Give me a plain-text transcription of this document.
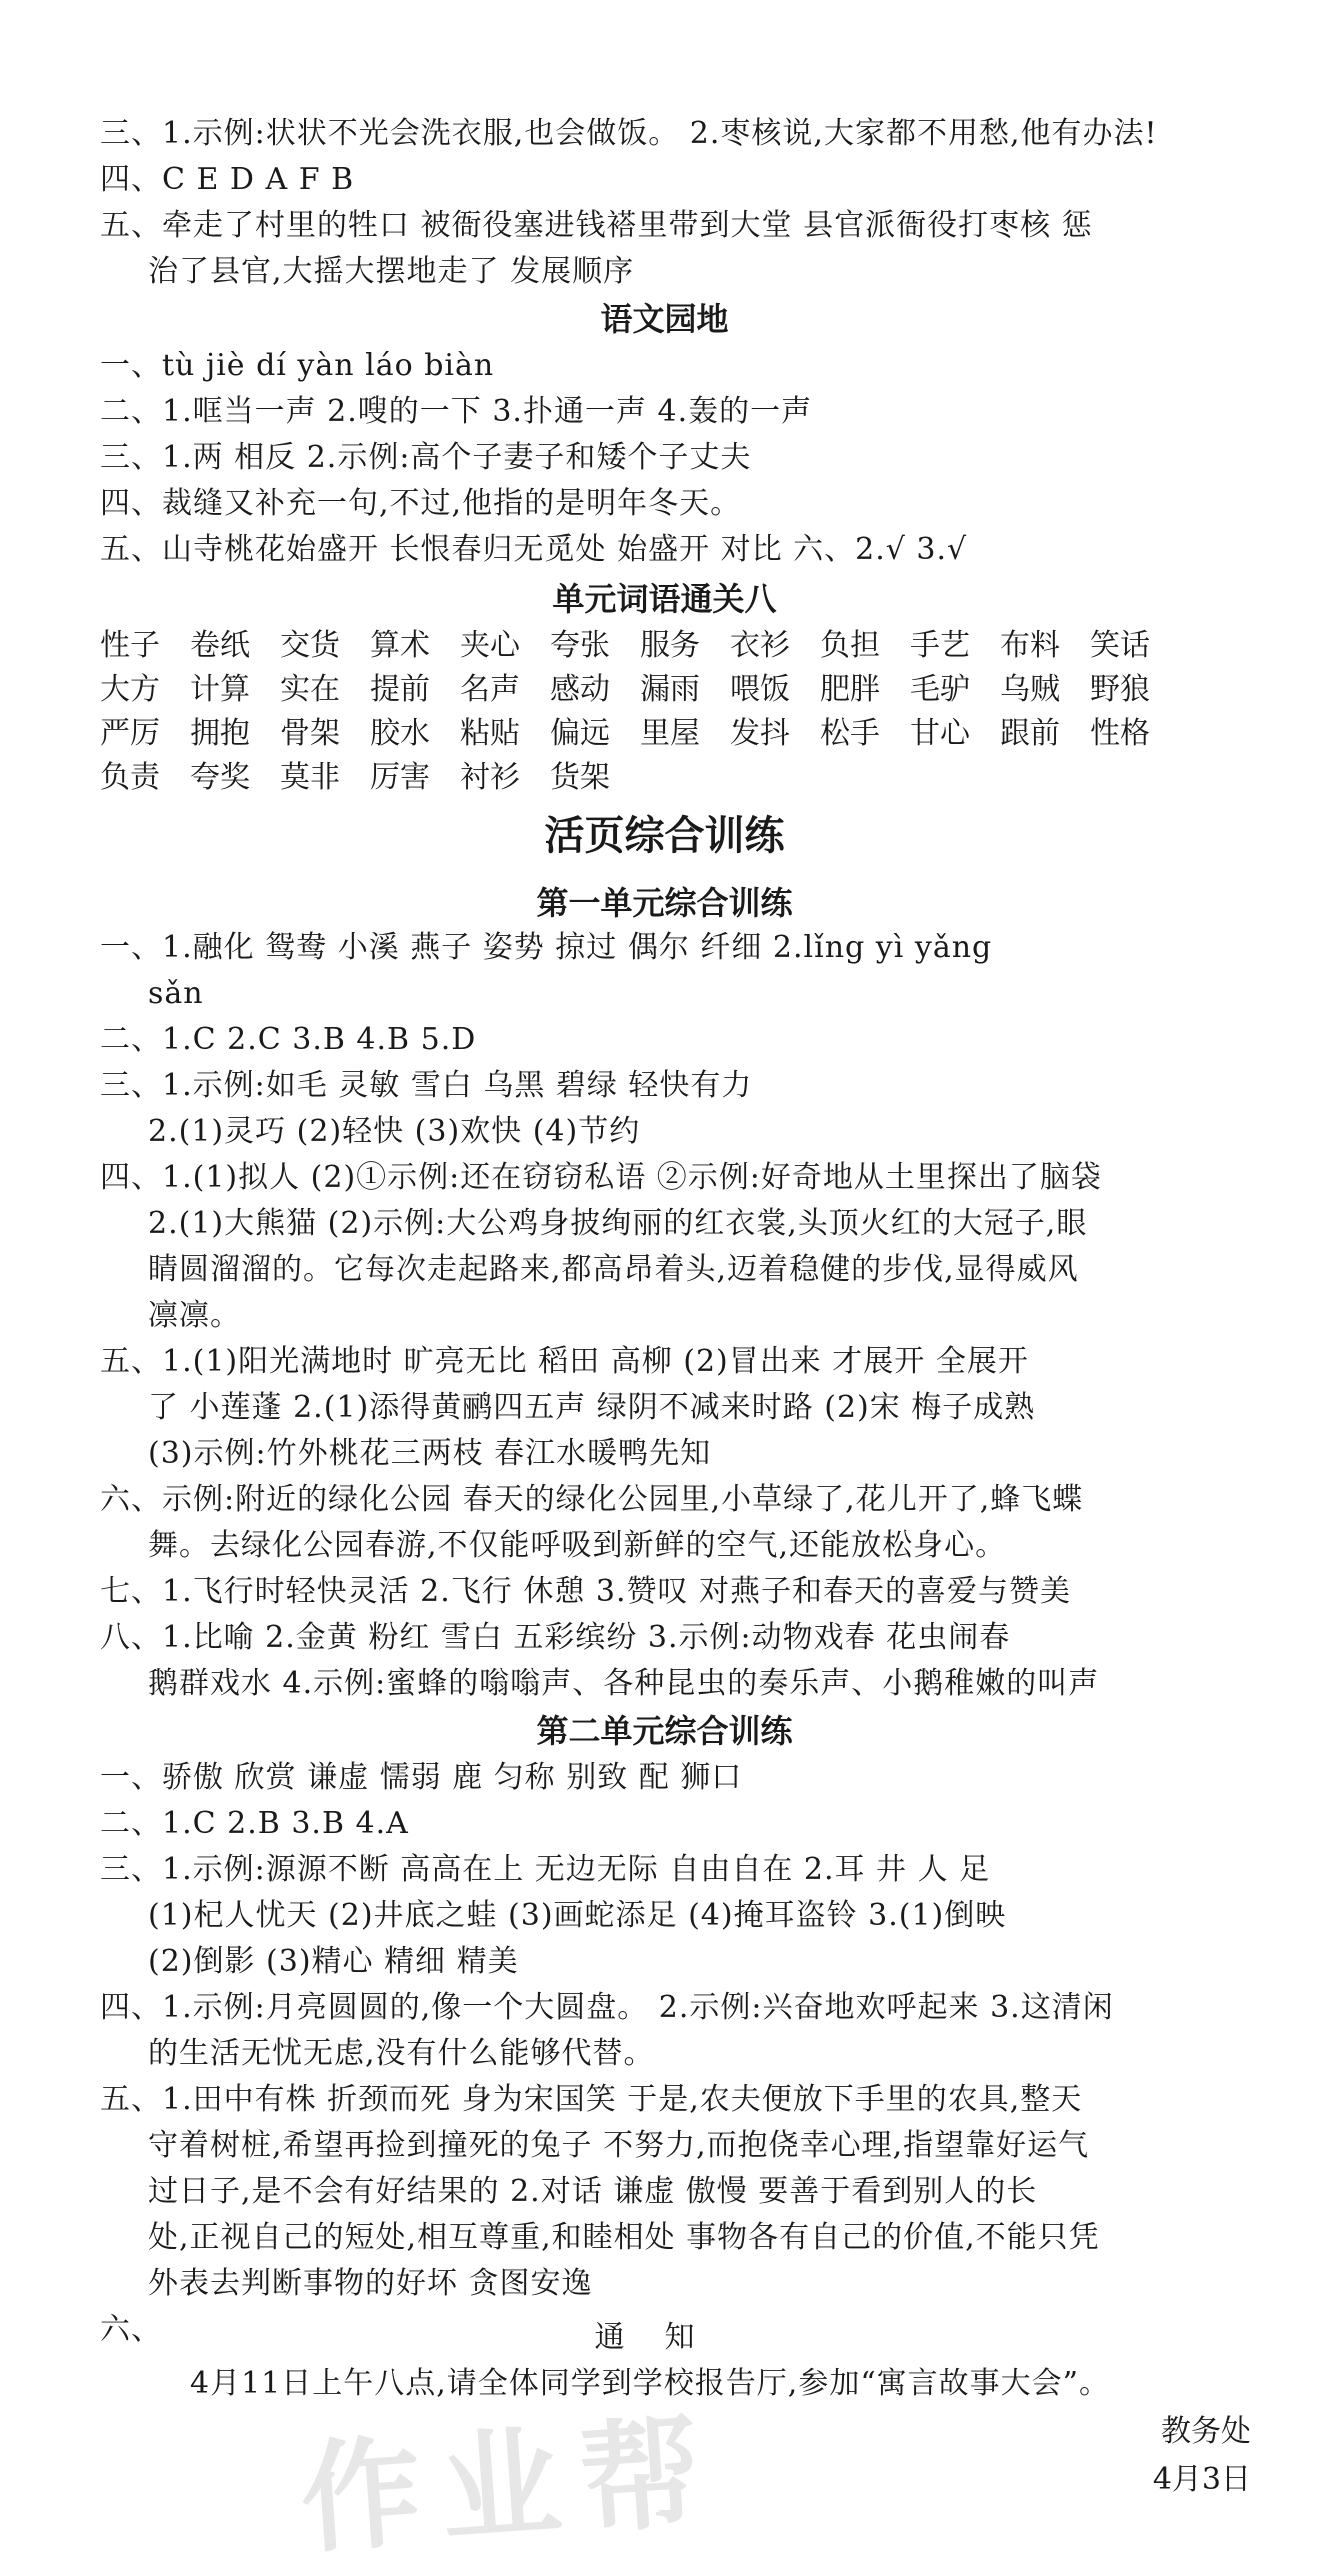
三、1.示例:状状不光会洗衣服,也会做饭。 2.枣核说,大家都不用愁,他有办法!
四、C E D A F B
五、牵走了村里的牲口 被衙役塞进钱褡里带到大堂 县官派衙役打枣核 惩
治了县官,大摇大摆地走了 发展顺序
语文园地
一、tù jiè dí yàn láo biàn
二、1.哐当一声 2.嗖的一下 3.扑通一声 4.轰的一声
三、1.两 相反 2.示例:高个子妻子和矮个子丈夫
四、裁缝又补充一句,不过,他指的是明年冬天。
五、山寺桃花始盛开 长恨春归无觅处 始盛开 对比 六、2.√ 3.√
单元词语通关八
性子 卷纸 交货 算术 夹心 夸张 服务 衣衫 负担 手艺 布料 笑话
大方 计算 实在 提前 名声 感动 漏雨 喂饭 肥胖 毛驴 乌贼 野狼
严厉 拥抱 骨架 胶水 粘贴 偏远 里屋 发抖 松手 甘心 跟前 性格
负责 夸奖 莫非 厉害 衬衫 货架
活页综合训练
第一单元综合训练
一、1.融化 鸳鸯 小溪 燕子 姿势 掠过 偶尔 纤细 2.lǐng yì yǎng
sǎn
二、1.C 2.C 3.B 4.B 5.D
三、1.示例:如毛 灵敏 雪白 乌黑 碧绿 轻快有力
2.(1)灵巧 (2)轻快 (3)欢快 (4)节约
四、1.(1)拟人 (2)①示例:还在窃窃私语 ②示例:好奇地从土里探出了脑袋
2.(1)大熊猫 (2)示例:大公鸡身披绚丽的红衣裳,头顶火红的大冠子,眼
睛圆溜溜的。它每次走起路来,都高昂着头,迈着稳健的步伐,显得威风
凛凛。
五、1.(1)阳光满地时 旷亮无比 稻田 高柳 (2)冒出来 才展开 全展开
了 小莲蓬 2.(1)添得黄鹂四五声 绿阴不减来时路 (2)宋 梅子成熟
(3)示例:竹外桃花三两枝 春江水暖鸭先知
六、示例:附近的绿化公园 春天的绿化公园里,小草绿了,花儿开了,蜂飞蝶
舞。去绿化公园春游,不仅能呼吸到新鲜的空气,还能放松身心。
七、1.飞行时轻快灵活 2.飞行 休憩 3.赞叹 对燕子和春天的喜爱与赞美
八、1.比喻 2.金黄 粉红 雪白 五彩缤纷 3.示例:动物戏春 花虫闹春
鹅群戏水 4.示例:蜜蜂的嗡嗡声、各种昆虫的奏乐声、小鹅稚嫩的叫声
第二单元综合训练
一、骄傲 欣赏 谦虚 懦弱 鹿 匀称 别致 配 狮口
二、1.C 2.B 3.B 4.A
三、1.示例:源源不断 高高在上 无边无际 自由自在 2.耳 井 人 足
(1)杞人忧天 (2)井底之蛙 (3)画蛇添足 (4)掩耳盗铃 3.(1)倒映
(2)倒影 (3)精心 精细 精美
四、1.示例:月亮圆圆的,像一个大圆盘。 2.示例:兴奋地欢呼起来 3.这清闲
的生活无忧无虑,没有什么能够代替。
五、1.田中有株 折颈而死 身为宋国笑 于是,农夫便放下手里的农具,整天
守着树桩,希望再捡到撞死的兔子 不努力,而抱侥幸心理,指望靠好运气
过日子,是不会有好结果的 2.对话 谦虚 傲慢 要善于看到别人的长
处,正视自己的短处,相互尊重,和睦相处 事物各有自己的价值,不能只凭
外表去判断事物的好坏 贪图安逸
六、	通知
4月11日上午八点,请全体同学到学校报告厅,参加“寓言故事大会”。
教务处
4月3日
作业帮
